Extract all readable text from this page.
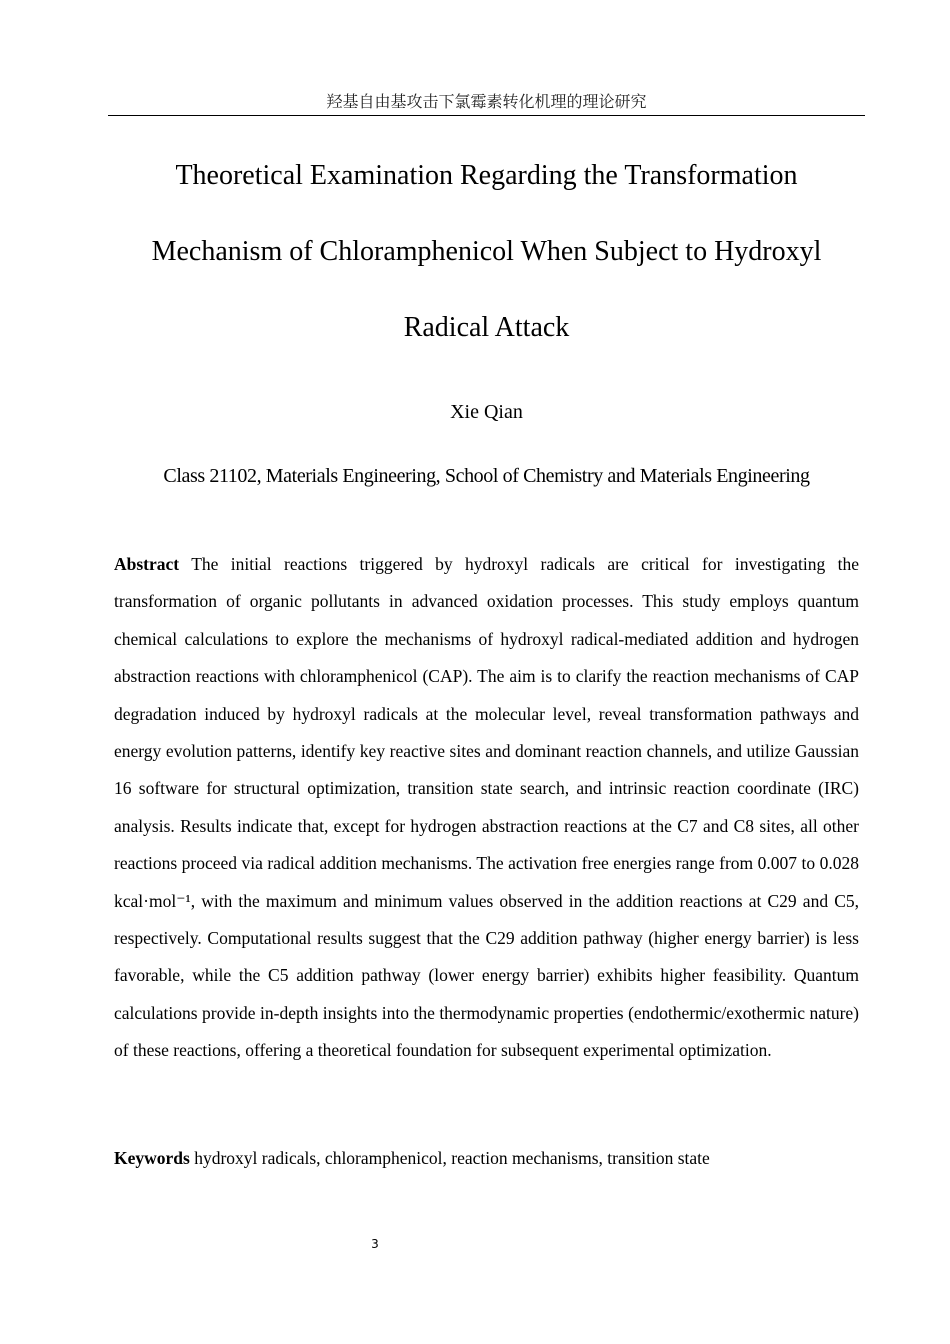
羟基自由基攻击下氯霉素转化机理的理论研究
Theoretical Examination Regarding the Transformation
Mechanism of Chloramphenicol When Subject to Hydroxyl
Radical Attack
Xie Qian
Class 21102, Materials Engineering, School of Chemistry and Materials Engineering

Abstract The initial reactions triggered by hydroxyl radicals are critical for investigating the transformation of organic pollutants in advanced oxidation processes. This study employs quantum chemical calculations to explore the mechanisms of hydroxyl radical-mediated addition and hydrogen abstraction reactions with chloramphenicol (CAP). The aim is to clarify the reaction mechanisms of CAP degradation induced by hydroxyl radicals at the molecular level, reveal transformation pathways and energy evolution patterns, identify key reactive sites and dominant reaction channels, and utilize Gaussian 16 software for structural optimization, transition state search, and intrinsic reaction coordinate (IRC) analysis. Results indicate that, except for hydrogen abstraction reactions at the C7 and C8 sites, all other reactions proceed via radical addition mechanisms. The activation free energies range from 0.007 to 0.028 kcal·mol⁻¹, with the maximum and minimum values observed in the addition reactions at C29 and C5, respectively. Computational results suggest that the C29 addition pathway (higher energy barrier) is less favorable, while the C5 addition pathway (lower energy barrier) exhibits higher feasibility. Quantum calculations provide in-depth insights into the thermodynamic properties (endothermic/exothermic nature) of these reactions, offering a theoretical foundation for subsequent experimental optimization.

Keywords hydroxyl radicals, chloramphenicol, reaction mechanisms, transition state

3
